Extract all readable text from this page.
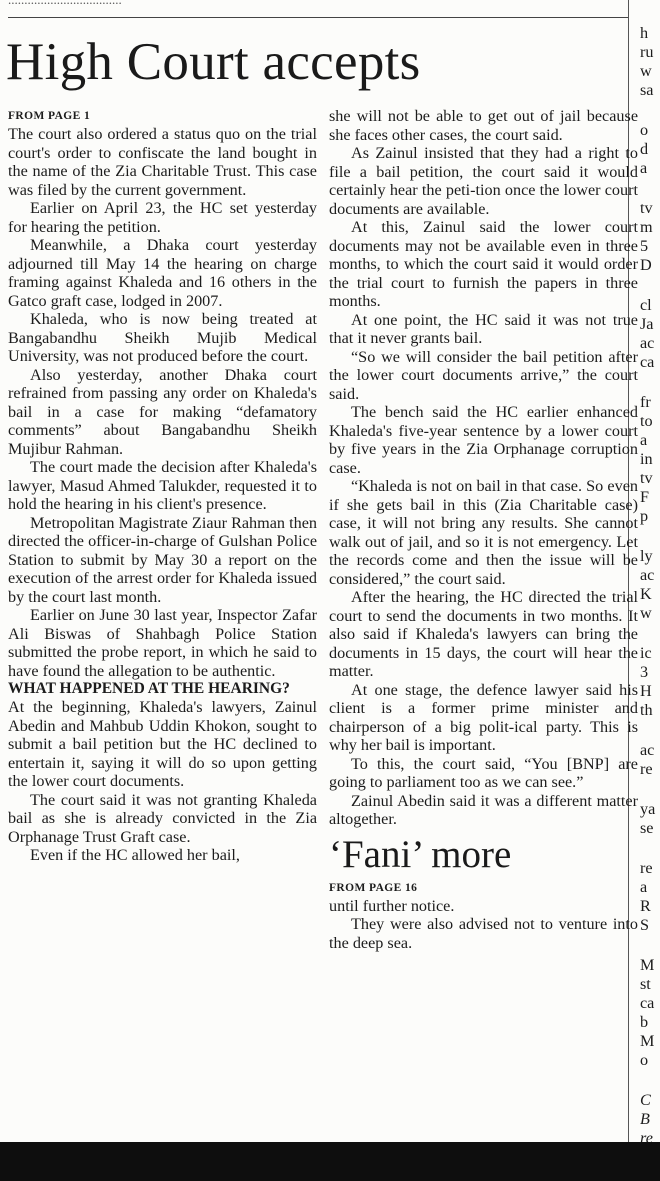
High Court accepts
FROM PAGE 1

The court also ordered a status quo on the trial court's order to confiscate the land bought in the name of the Zia Charitable Trust. This case was filed by the current government.

Earlier on April 23, the HC set yesterday for hearing the petition.

Meanwhile, a Dhaka court yesterday adjourned till May 14 the hearing on charge framing against Khaleda and 16 others in the Gatco graft case, lodged in 2007.

Khaleda, who is now being treated at Bangabandhu Sheikh Mujib Medical University, was not produced before the court.

Also yesterday, another Dhaka court refrained from passing any order on Khaleda's bail in a case for making “defamatory comments” about Bangabandhu Sheikh Mujibur Rahman.

The court made the decision after Khaleda's lawyer, Masud Ahmed Talukder, requested it to hold the hearing in his client's presence.

Metropolitan Magistrate Ziaur Rahman then directed the officer-in-charge of Gulshan Police Station to submit by May 30 a report on the execution of the arrest order for Khaleda issued by the court last month.

Earlier on June 30 last year, Inspector Zafar Ali Biswas of Shahbagh Police Station submitted the probe report, in which he said to have found the allegation to be authentic.

WHAT HAPPENED AT THE HEARING?

At the beginning, Khaleda's lawyers, Zainul Abedin and Mahbub Uddin Khokon, sought to submit a bail petition but the HC declined to entertain it, saying it will do so upon getting the lower court documents.

The court said it was not granting Khaleda bail as she is already convicted in the Zia Orphanage Trust Graft case.

Even if the HC allowed her bail,

she will not be able to get out of jail because she faces other cases, the court said.

As Zainul insisted that they had a right to file a bail petition, the court said it would certainly hear the peti-tion once the lower court documents are available.

At this, Zainul said the lower court documents may not be available even in three months, to which the court said it would order the trial court to furnish the papers in three months.

At one point, the HC said it was not true that it never grants bail.

“So we will consider the bail petition after the lower court documents arrive,” the court said.

The bench said the HC earlier enhanced Khaleda's five-year sentence by a lower court by five years in the Zia Orphanage corruption case.

“Khaleda is not on bail in that case. So even if she gets bail in this (Zia Charitable case) case, it will not bring any results. She cannot walk out of jail, and so it is not emergency. Let the records come and then the issue will be considered,” the court said.

After the hearing, the HC directed the trial court to send the documents in two months. It also said if Khaleda's lawyers can bring the documents in 15 days, the court will hear the matter.

At one stage, the defence lawyer said his client is a former prime minister and chairperson of a big polit-ical party. This is why her bail is important.

To this, the court said, “You [BNP] are going to parliament too as we can see.”

Zainul Abedin said it was a different matter altogether.

‘Fani’ more
FROM PAGE 16

until further notice.

They were also advised not to venture into the deep sea.

h
ru
w
sa
o
d
a
tv
m
5
D
cl
Ja
ac
ca
fr
to
a
in
tv
F
p
ly
ac
K
w
ic
3
H
th
ac
re
ya
se
re
a
R
S
M
st
ca
b
M
o
C
B
re
